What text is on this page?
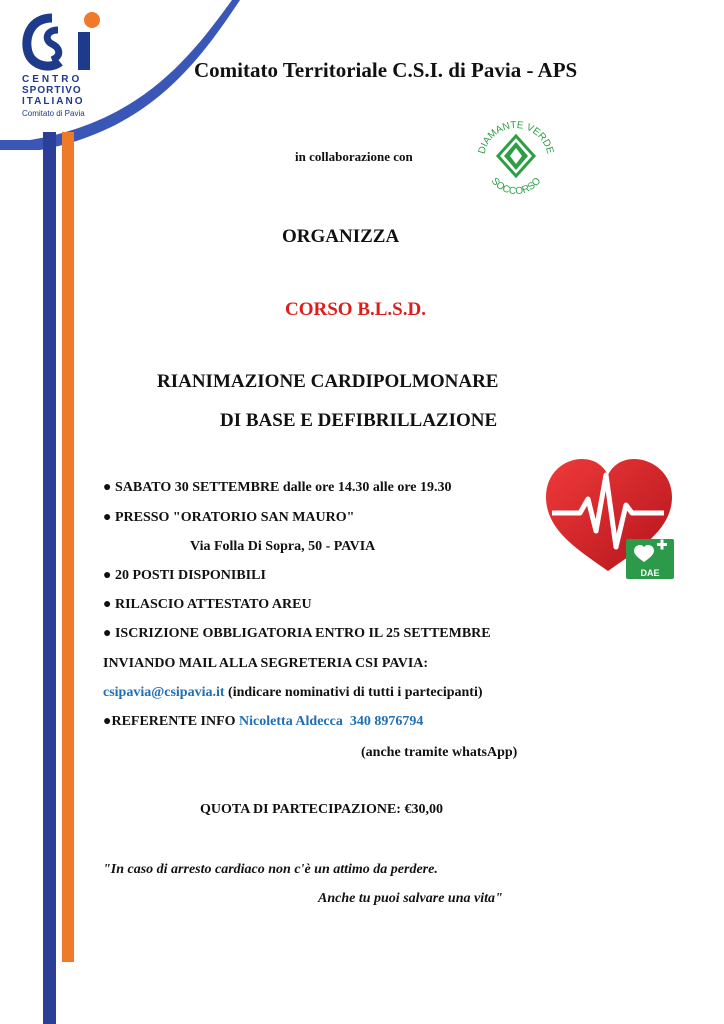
CENTRO
SPORTIVO
ITALIANO
Comitato di Pavia
Comitato Territoriale C.S.I. di Pavia - APS
in collaborazione con	DIAMANTE VERDE
SOCCORSO
ORGANIZZA
CORSO B.L.S.D.
RIANIMAZIONE CARDIPOLMONARE
DI BASE E DEFIBRILLAZIONE
DAE
● SABATO 30 SETTEMBRE dalle ore 14.30 alle ore 19.30
● PRESSO "ORATORIO SAN MAURO"
Via Folla Di Sopra, 50 - PAVIA
● 20 POSTI DISPONIBILI
● RILASCIO ATTESTATO AREU
● ISCRIZIONE OBBLIGATORIA ENTRO IL 25 SETTEMBRE
INVIANDO MAIL ALLA SEGRETERIA CSI PAVIA:
csipavia@csipavia.it (indicare nominativi di tutti i partecipanti)
●REFERENTE INFO Nicoletta Aldecca 340 8976794
(anche tramite whatsApp)
QUOTA DI PARTECIPAZIONE: €30,00
"In caso di arresto cardiaco non c'è un attimo da perdere.
Anche tu puoi salvare una vita"
